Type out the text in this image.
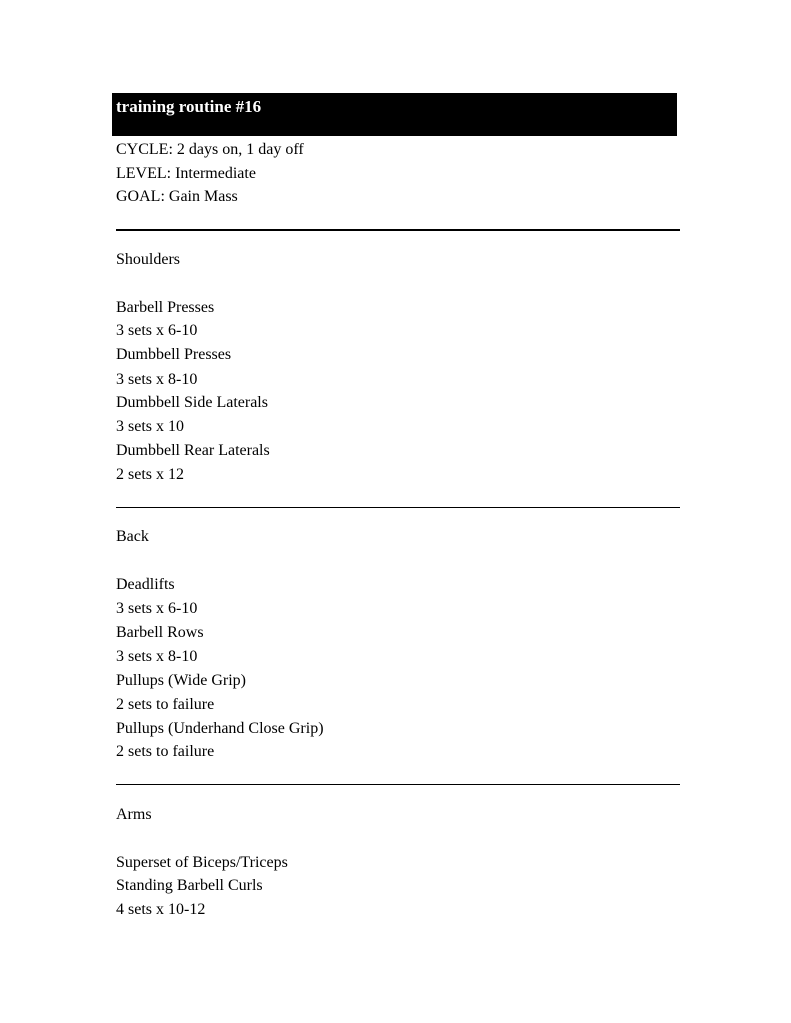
training routine #16
CYCLE: 2 days on, 1 day off
LEVEL: Intermediate
GOAL: Gain Mass
Shoulders
Barbell Presses
3 sets x 6-10
Dumbbell Presses
3 sets x 8-10
Dumbbell Side Laterals
3 sets x 10
Dumbbell Rear Laterals
2 sets x 12
Back
Deadlifts
3 sets x 6-10
Barbell Rows
3 sets x 8-10
Pullups (Wide Grip)
2 sets to failure
Pullups (Underhand Close Grip)
2 sets to failure
Arms
Superset of Biceps/Triceps
Standing Barbell Curls
4 sets x 10-12
